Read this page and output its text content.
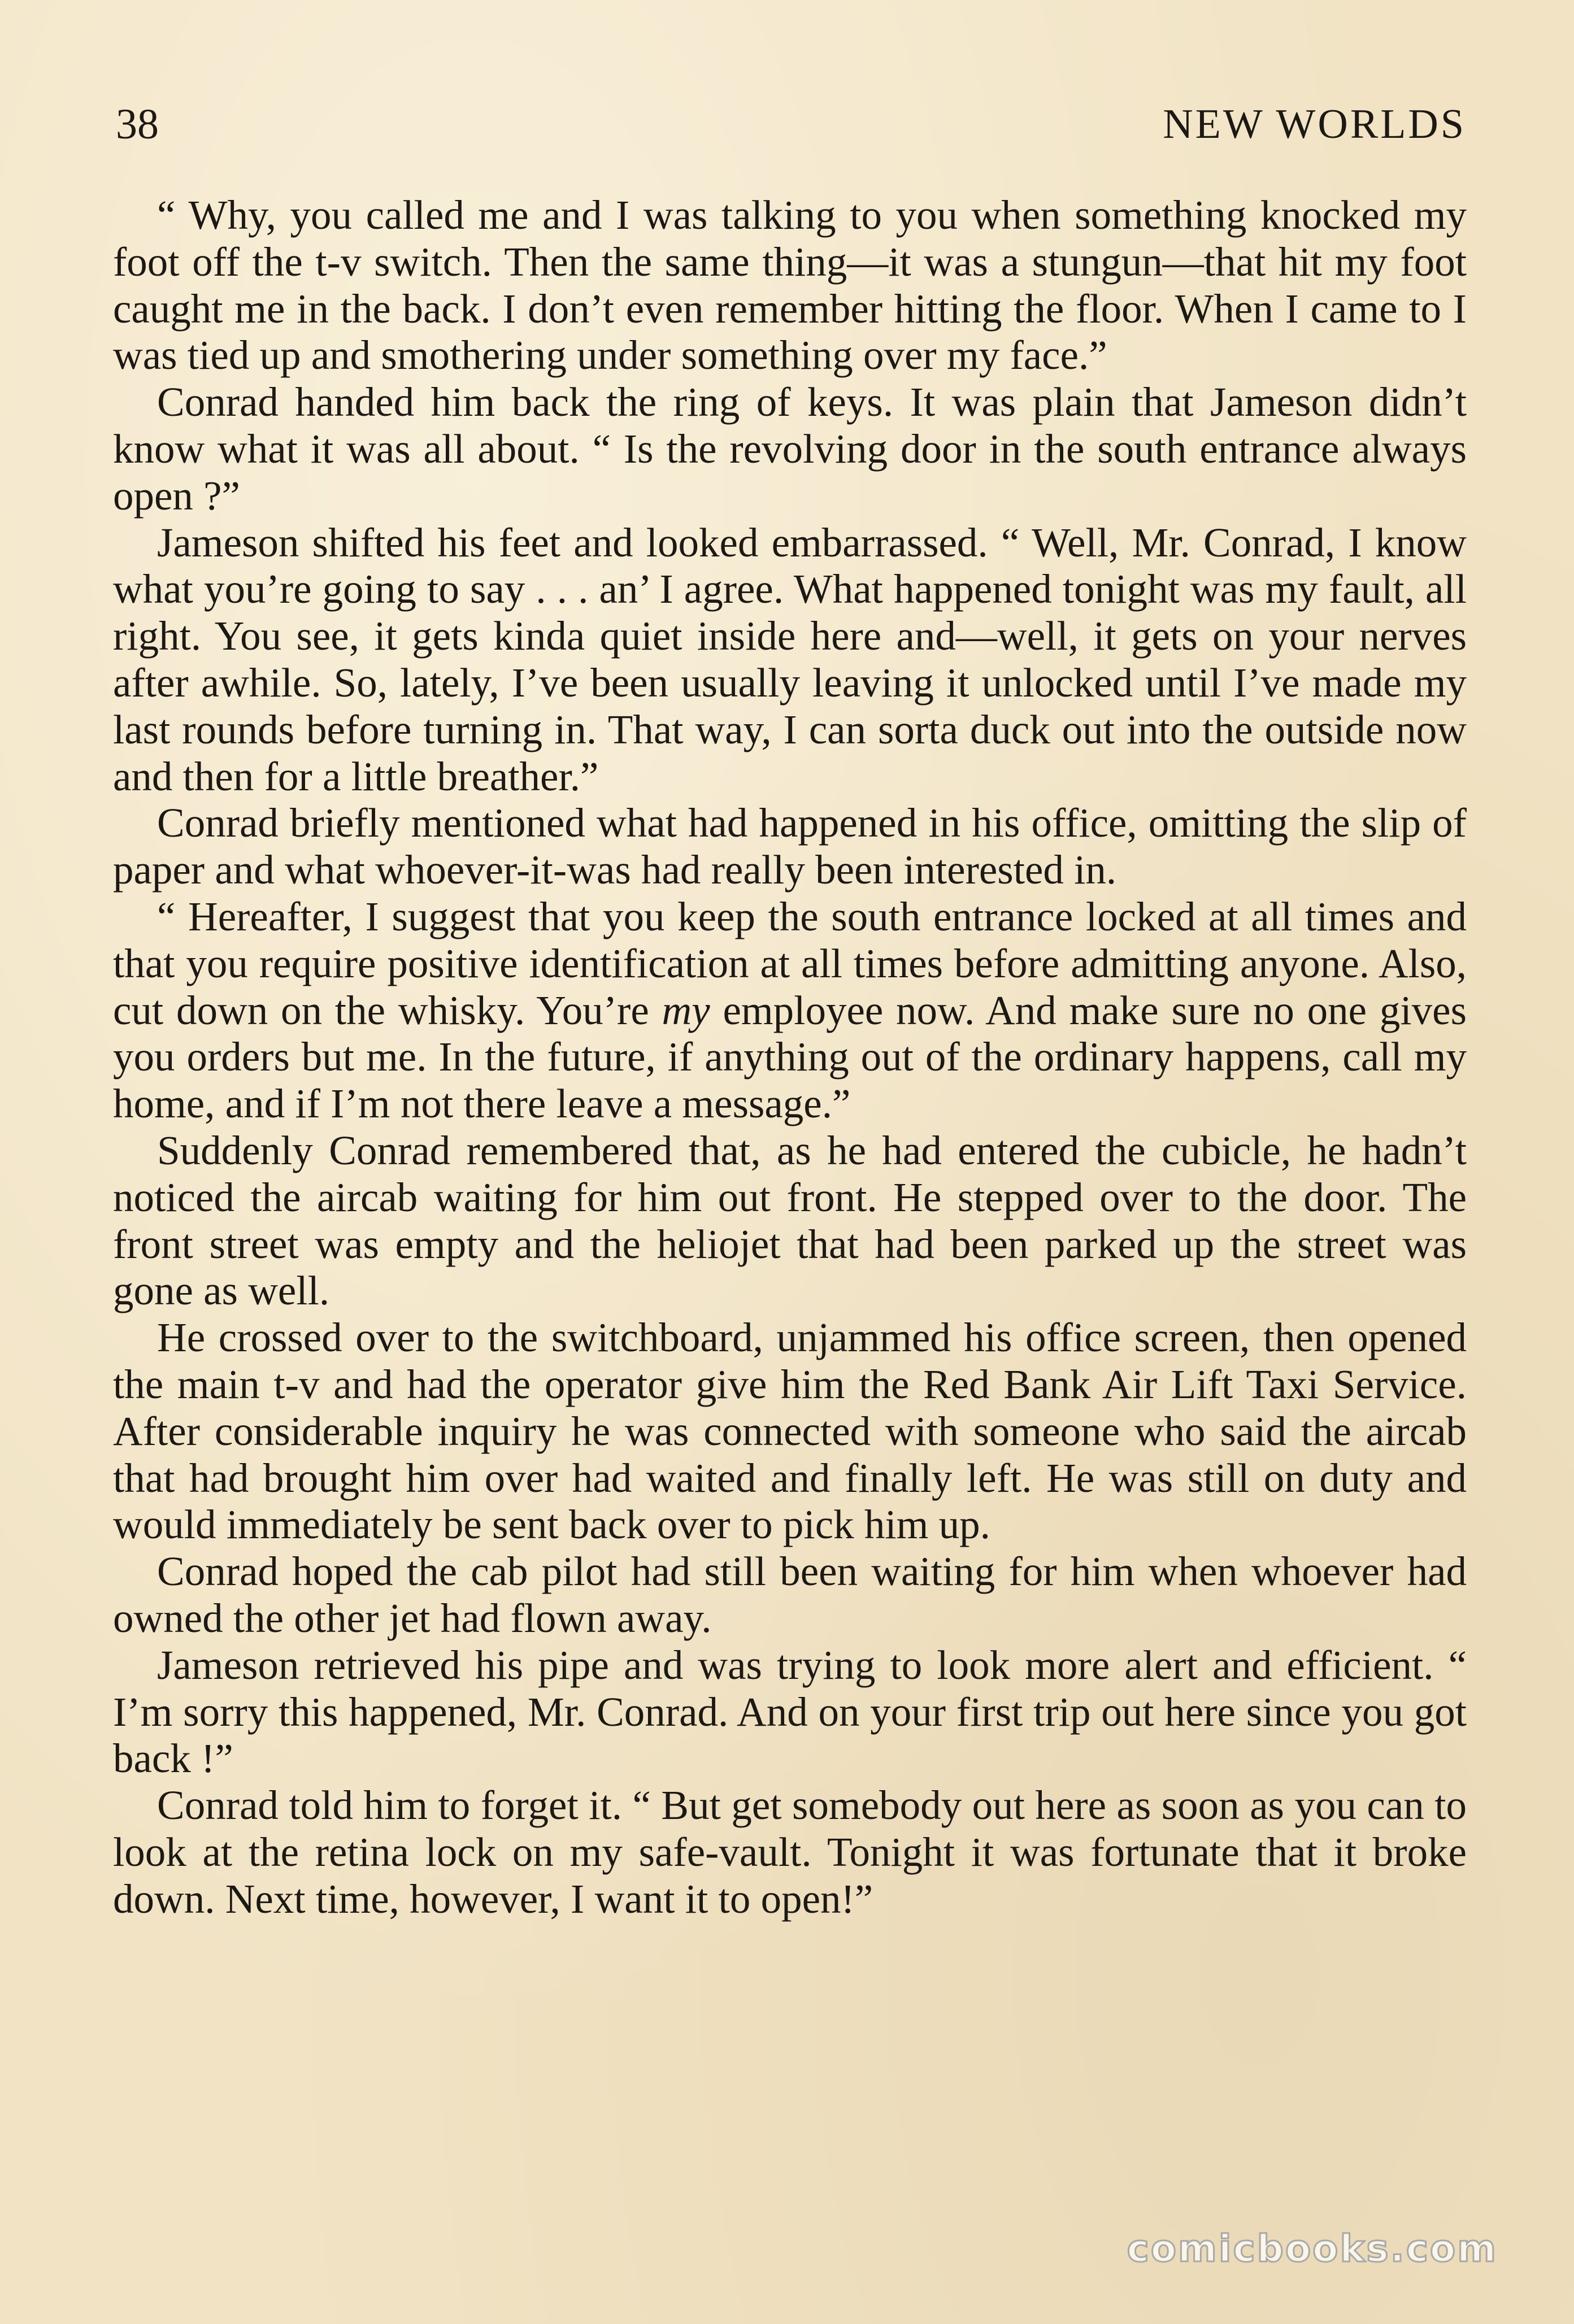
38	NEW WORLDS

“ Why, you called me and I was talking to you when something knocked my foot off the t-v switch. Then the same thing—it was a stungun—that hit my foot caught me in the back. I don’t even remember hitting the floor. When I came to I was tied up and smothering under something over my face.”

Conrad handed him back the ring of keys. It was plain that Jameson didn’t know what it was all about. “ Is the revolving door in the south entrance always open ?”

Jameson shifted his feet and looked embarrassed. “ Well, Mr. Conrad, I know what you’re going to say . . . an’ I agree. What happened tonight was my fault, all right. You see, it gets kinda quiet inside here and—well, it gets on your nerves after awhile. So, lately, I’ve been usually leaving it unlocked until I’ve made my last rounds before turning in. That way, I can sorta duck out into the outside now and then for a little breather.”

Conrad briefly mentioned what had happened in his office, omitting the slip of paper and what whoever-it-was had really been interested in.

“ Hereafter, I suggest that you keep the south entrance locked at all times and that you require positive identification at all times before admitting anyone. Also, cut down on the whisky. You’re my employee now. And make sure no one gives you orders but me. In the future, if anything out of the ordinary happens, call my home, and if I’m not there leave a message.”

Suddenly Conrad remembered that, as he had entered the cubicle, he hadn’t noticed the aircab waiting for him out front. He stepped over to the door. The front street was empty and the heliojet that had been parked up the street was gone as well.

He crossed over to the switchboard, unjammed his office screen, then opened the main t-v and had the operator give him the Red Bank Air Lift Taxi Service. After considerable inquiry he was connected with someone who said the aircab that had brought him over had waited and finally left. He was still on duty and would immediately be sent back over to pick him up.

Conrad hoped the cab pilot had still been waiting for him when whoever had owned the other jet had flown away.

Jameson retrieved his pipe and was trying to look more alert and efficient. “ I’m sorry this happened, Mr. Conrad. And on your first trip out here since you got back !”

Conrad told him to forget it. “ But get somebody out here as soon as you can to look at the retina lock on my safe-vault. Tonight it was fortunate that it broke down. Next time, however, I want it to open!”

comicbooks.com
